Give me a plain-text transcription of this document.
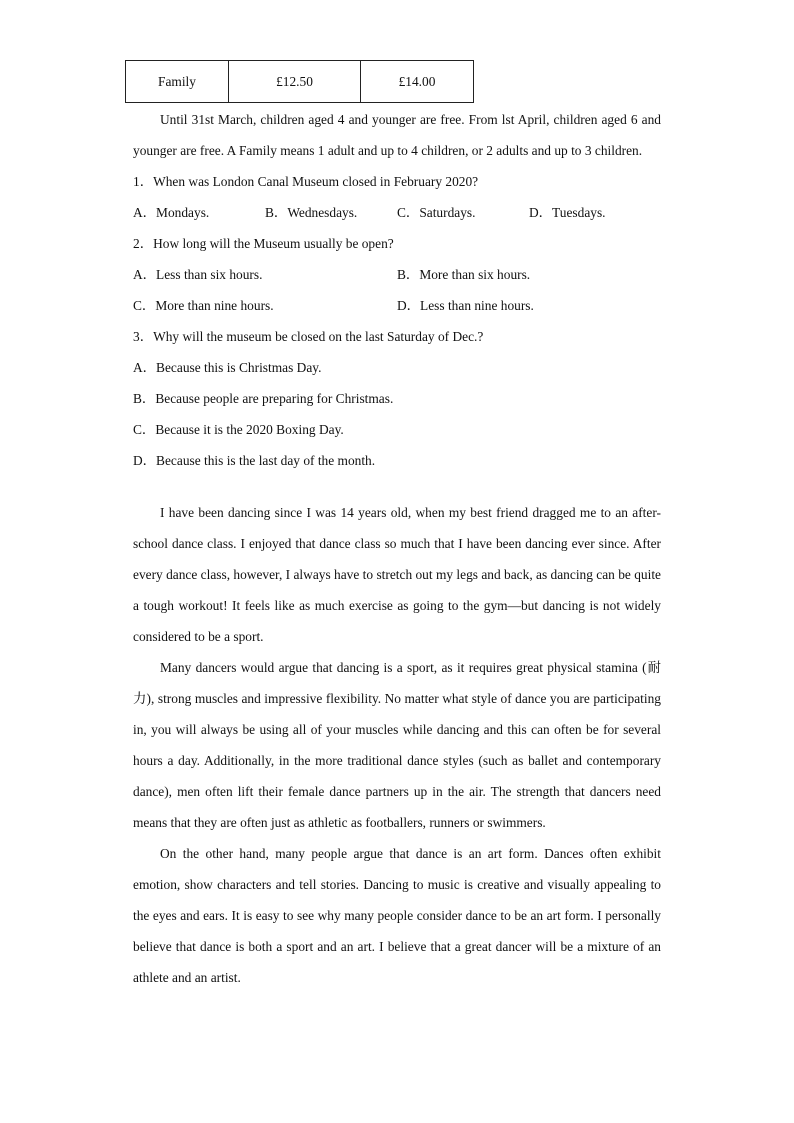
Family	£12.50	£14.00

Until 31st March, children aged 4 and younger are free. From lst April, children aged 6 and younger are free. A Family means 1 adult and up to 4 children, or 2 adults and up to 3 children.

1．When was London Canal Museum closed in February 2020?

A．Mondays.	B．Wednesdays.	C．Saturdays.	D．Tuesdays.

2．How long will the Museum usually be open?

A．Less than six hours.	B．More than six hours.
C．More than nine hours.	D．Less than nine hours.

3．Why will the museum be closed on the last Saturday of Dec.?

A．Because this is Christmas Day.

B．Because people are preparing for Christmas.

C．Because it is the 2020 Boxing Day.

D．Because this is the last day of the month.

I have been dancing since I was 14 years old, when my best friend dragged me to an after-school dance class. I enjoyed that dance class so much that I have been dancing ever since. After every dance class, however, I always have to stretch out my legs and back, as dancing can be quite a tough workout! It feels like as much exercise as going to the gym—but dancing is not widely considered to be a sport.

Many dancers would argue that dancing is a sport, as it requires great physical stamina (耐力), strong muscles and impressive flexibility. No matter what style of dance you are participating in, you will always be using all of your muscles while dancing and this can often be for several hours a day. Additionally, in the more traditional dance styles (such as ballet and contemporary dance), men often lift their female dance partners up in the air. The strength that dancers need means that they are often just as athletic as footballers, runners or swimmers.

On the other hand, many people argue that dance is an art form. Dances often exhibit emotion, show characters and tell stories. Dancing to music is creative and visually appealing to the eyes and ears. It is easy to see why many people consider dance to be an art form. I personally believe that dance is both a sport and an art. I believe that a great dancer will be a mixture of an athlete and an artist.
